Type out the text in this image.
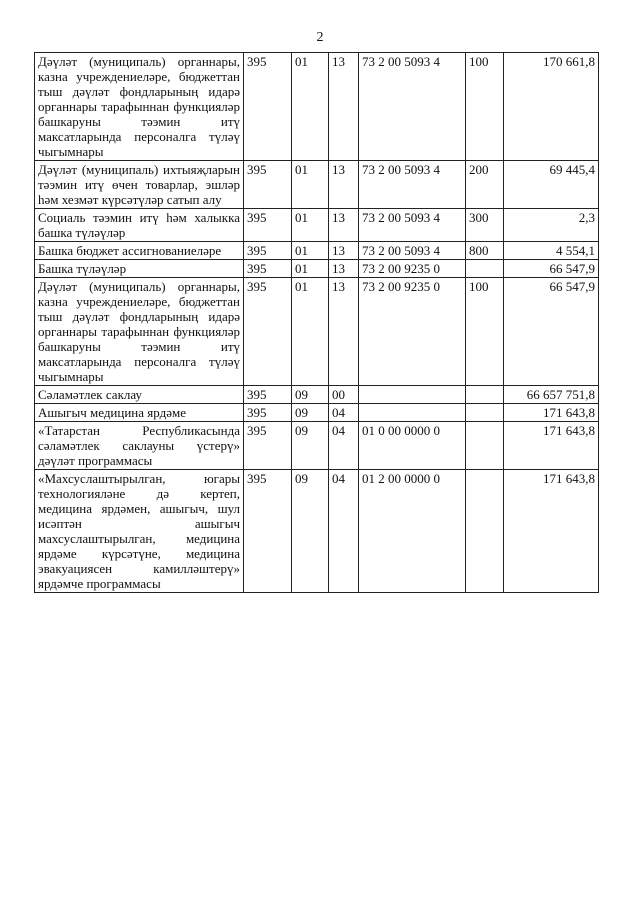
2
Дәүләт (муниципаль) органнары, казна учреждениеләре, бюджеттан тыш дәүләт фондларының идарә органнары тарафыннан функцияләр башкаруны тәэмин итү максатларында персоналга түләү чыгымнары	395	01	13	73 2 00 5093 4	100	170 661,8
Дәүләт (муниципаль) ихтыяҗларын тәэмин итү өчен товарлар, эшләр һәм хезмәт күрсәтүләр сатып алу	395	01	13	73 2 00 5093 4	200	69 445,4
Социаль тәэмин итү һәм халыкка башка түләүләр	395	01	13	73 2 00 5093 4	300	2,3
Башка бюджет ассигнованиеләре	395	01	13	73 2 00 5093 4	800	4 554,1
Башка түләүләр	395	01	13	73 2 00 9235 0		66 547,9
Дәүләт (муниципаль) органнары, казна учреждениеләре, бюджеттан тыш дәүләт фондларының идарә органнары тарафыннан функцияләр башкаруны тәэмин итү максатларында персоналга түләү чыгымнары	395	01	13	73 2 00 9235 0	100	66 547,9
Сәламәтлек саклау	395	09	00			66 657 751,8
Ашыгыч медицина ярдәме	395	09	04			171 643,8
«Татарстан Республикасында сәламәтлек саклауны үстерү» дәүләт программасы	395	09	04	01 0 00 0000 0		171 643,8
«Махсуслаштырылган, югары технологияләне дә кертеп, медицина ярдәмен, ашыгыч, шул исәптән ашыгыч махсуслаштырылган, медицина ярдәме күрсәтүне, медицина эвакуациясен камилләштерү» ярдәмче программасы	395	09	04	01 2 00 0000 0		171 643,8
